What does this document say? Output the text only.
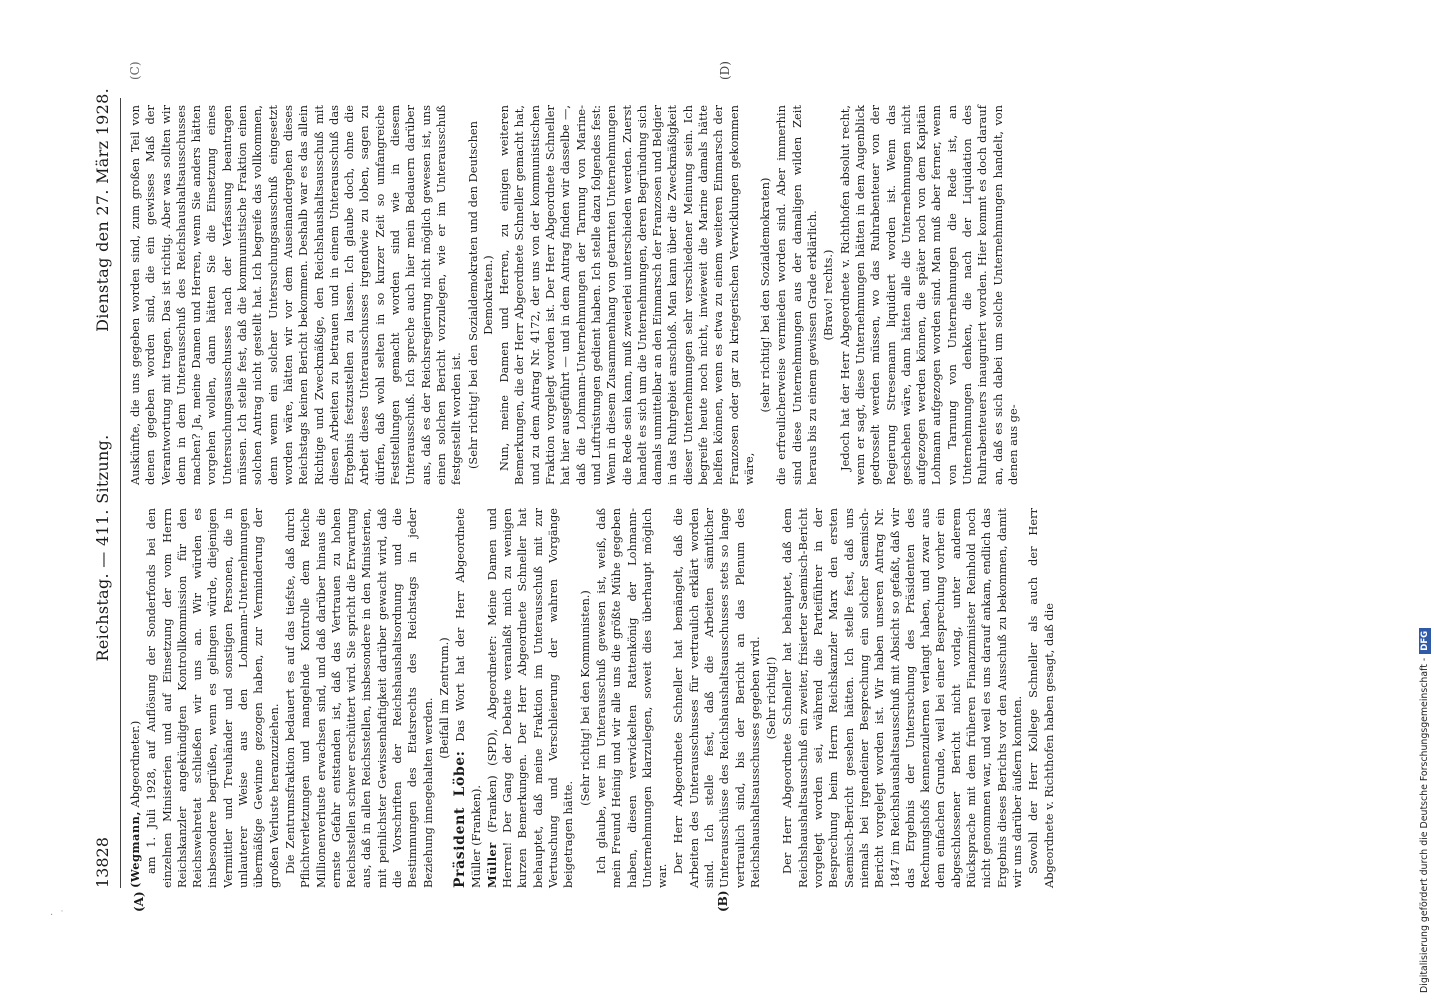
13828
Reichstag. — 411. Sitzung.
Dienstag den 27. März 1928.
(A)	(B)
(C)	(D)

(Wegmann, Abgeordneter.) am 1. Juli 1928, auf Auflösung der Sonderfonds bei den einzelnen Ministerien und auf Einsetzung der vom Herrn Reichskanzler angekündigten Kontrollkommission für den Reichswehretat schließen wir uns an. Wir würden es insbesondere begrüßen, wenn es gelingen würde, diejenigen Vermittler und Treuhänder und sonstigen Personen, die in unlauterer Weise aus den Lohmann-Unternehmungen übermäßige Gewinne gezogen haben, zur Verminderung der großen Verluste heranzuziehen. Die Zentrumsfraktion bedauert es auf das tiefste, daß durch Pflichtverletzungen und mangelnde Kontrolle dem Reiche Millionenverluste erwachsen sind, und daß darüber hinaus die ernste Gefahr entstanden ist, daß das Vertrauen zu hohen Reichsstellen schwer erschüttert wird. Sie spricht die Erwartung aus, daß in allen Reichsstellen, insbesondere in den Ministerien, mit peinlichster Gewissenhaftigkeit darüber gewacht wird, daß die Vorschriften der Reichshaushaltsordnung und die Bestimmungen des Etatsrechts des Reichstags in jeder Beziehung innegehalten werden. (Beifall im Zentrum.)

Präsident Löbe: Das Wort hat der Herr Abgeordnete Müller (Franken). Müller (Franken) (SPD), Abgeordneter: Meine Damen und Herren! Der Gang der Debatte veranlaßt mich zu wenigen kurzen Bemerkungen. Der Herr Abgeordnete Schneller hat behauptet, daß meine Fraktion im Unterausschuß mit zur Vertuschung und Verschleierung der wahren Vorgänge beigetragen hätte.

(Sehr richtig! bei den Kommunisten.) Ich glaube, wer im Unterausschuß gewesen ist, weiß, daß mein Freund Heinig und wir alle uns die größte Mühe gegeben haben, diesen verwickelten Rattenkönig der Lohmann-Unternehmungen klarzulegen, soweit dies überhaupt möglich war.

Der Herr Abgeordnete Schneller hat bemängelt, daß die Arbeiten des Unterausschusses für vertraulich erklärt worden sind. Ich stelle fest, daß die Arbeiten sämtlicher Unterausschüsse des Reichshaushaltsausschusses stets so lange vertraulich sind, bis der Bericht an das Plenum des Reichshaushaltsausschusses gegeben wird. (Sehr richtig!) Der Herr Abgeordnete Schneller hat behauptet, daß dem Reichshaushaltsausschuß ein zweiter, frisierter Saemisch-Bericht vorgelegt worden sei, während die Parteiführer in der Besprechung beim Herrn Reichskanzler Marx den ersten Saemisch-Bericht gesehen hätten. Ich stelle fest, daß uns niemals bei irgendeiner Besprechung ein solcher Saemisch-Bericht vorgelegt worden ist. Wir haben unseren Antrag Nr. 1847 im Reichshaushaltsausschuß mit Absicht so gefaßt, daß wir das Ergebnis der Untersuchung des Präsidenten des Rechnungshofs kennenzulernen verlangt haben, und zwar aus dem einfachen Grunde, weil bei einer Besprechung vorher ein abgeschlossener Bericht nicht vorlag, unter anderem Rücksprache mit dem früheren Finanzminister Reinhold noch nicht genommen war, und weil es uns darauf ankam, endlich das Ergebnis dieses Berichts vor den Ausschuß zu bekommen, damit wir uns darüber äußern konnten. Sowohl der Herr Kollege Schneller als auch der Herr Abgeordnete v. Richthofen haben gesagt, daß die

Auskünfte, die uns gegeben worden sind, zum großen Teil von denen gegeben worden sind, die ein gewisses Maß der Verantwortung mit tragen. Das ist richtig. Aber was sollten wir denn in dem Unterausschuß des Reichshaushaltsausschusses machen? Ja, meine Damen und Herren, wenn Sie anders hätten vorgehen wollen, dann hätten Sie die Einsetzung eines Untersuchungsausschusses nach der Verfassung beantragen müssen. Ich stelle fest, daß die kommunistische Fraktion einen solchen Antrag nicht gestellt hat. Ich begreife das vollkommen, denn wenn ein solcher Untersuchungsausschuß eingesetzt worden wäre, hätten wir vor dem Auseinandergehen dieses Reichstags keinen Bericht bekommen. Deshalb war es das allein Richtige und Zweckmäßige, den Reichshaushaltsausschuß mit diesen Arbeiten zu betrauen und in einem Unterausschuß das Ergebnis festzustellen zu lassen. Ich glaube doch, ohne die Arbeit dieses Unterausschusses irgendwie zu loben, sagen zu dürfen, daß wohl selten in so kurzer Zeit so umfangreiche Feststellungen gemacht worden sind wie in diesem Unterausschuß. Ich spreche auch hier mein Bedauern darüber aus, daß es der Reichsregierung nicht möglich gewesen ist, uns einen solchen Bericht vorzulegen, wie er im Unterausschuß festgestellt worden ist. (Sehr richtig! bei den Sozialdemokraten und den Deutschen Demokraten.) Nun, meine Damen und Herren, zu einigen weiteren Bemerkungen, die der Herr Abgeordnete Schneller gemacht hat, und zu dem Antrag Nr. 4172, der uns von der kommunistischen Fraktion vorgelegt worden ist. Der Herr Abgeordnete Schneller hat hier ausgeführt — und in dem Antrag finden wir dasselbe —, daß die Lohmann-Unternehmungen der Tarnung von Marine- und Luftrüstungen gedient haben. Ich stelle dazu folgendes fest: Wenn in diesem Zusammenhang von getarnten Unternehmungen die Rede sein kann, muß zweierlei unterschieden werden. Zuerst handelt es sich um die Unternehmungen, deren Begründung sich damals unmittelbar an den Einmarsch der Franzosen und Belgier in das Ruhrgebiet anschloß. Man kann über die Zweckmäßigkeit dieser Unternehmungen sehr verschiedener Meinung sein. Ich begreife heute noch nicht, inwieweit die Marine damals hätte helfen können, wenn es etwa zu einem weiteren Einmarsch der Franzosen oder gar zu kriegerischen Verwicklungen gekommen wäre,

(sehr richtig! bei den Sozialdemokraten) die erfreulicherweise vermieden worden sind. Aber immerhin sind diese Unternehmungen aus der damaligen wilden Zeit heraus bis zu einem gewissen Grade erklärlich. (Bravo! rechts.) Jedoch hat der Herr Abgeordnete v. Richthofen absolut recht, wenn er sagt, diese Unternehmungen hätten in dem Augenblick gedrosselt werden müssen, wo das Ruhrabenteuer von der Regierung Stresemann liquidiert worden ist. Wenn das geschehen wäre, dann hätten alle die Unternehmungen nicht aufgezogen werden können, die später noch von dem Kapitän Lohmann aufgezogen worden sind. Man muß aber ferner, wenn von Tarnung von Unternehmungen die Rede ist, an Unternehmungen denken, die nach der Liquidation des Ruhrabenteuers inauguriert worden. Hier kommt es doch darauf an, daß es sich dabei um solche Unternehmungen handelt, von denen aus ge-

Digitalisierung gefördert durch die Deutsche Forschungsgemeinschaft -DFG
·  ˙
